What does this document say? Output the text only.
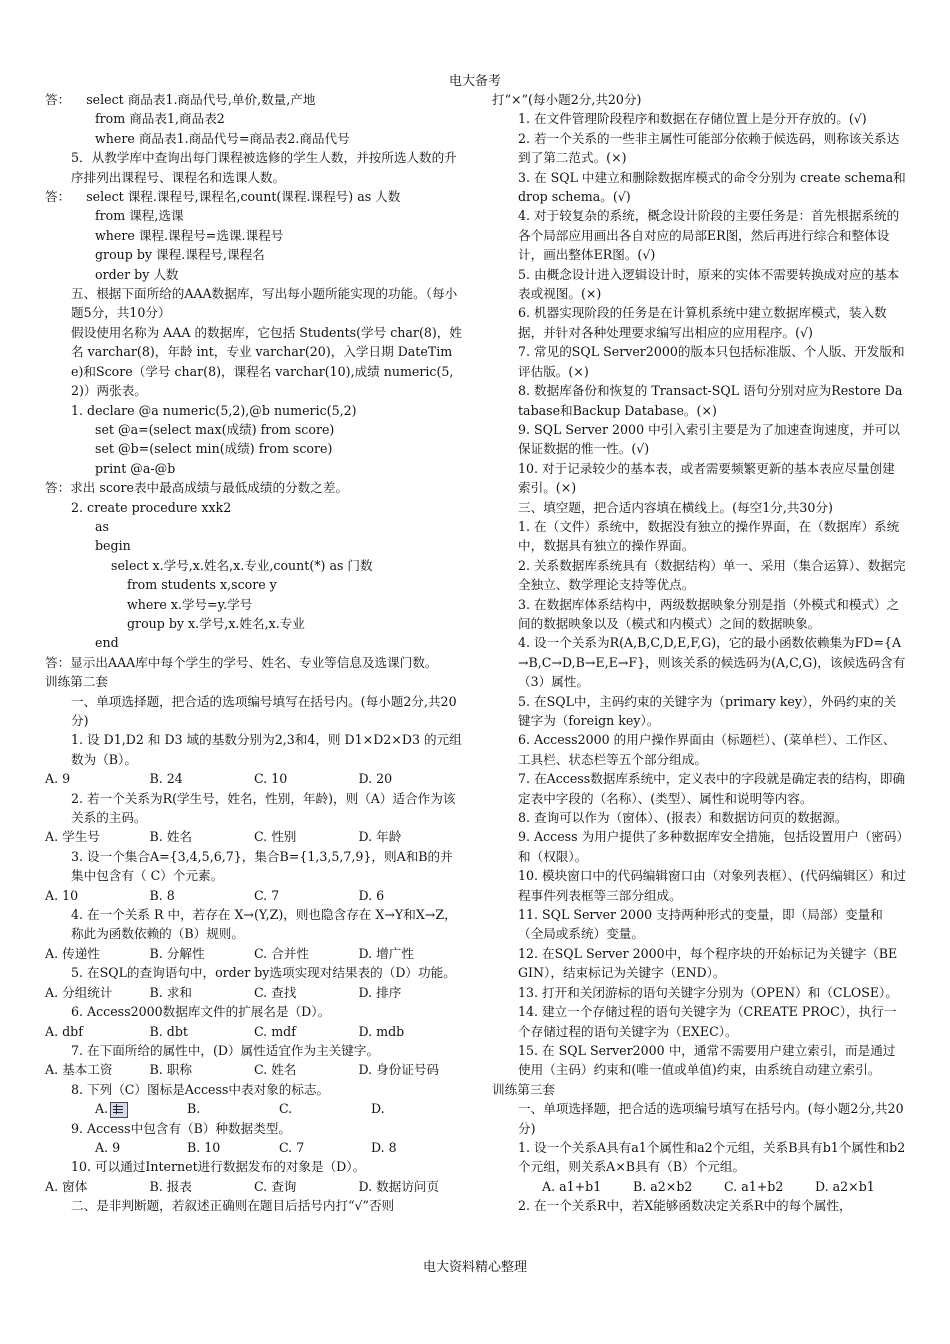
电大备考
答：    select 商品表1.商品代号,单价,数量,产地
from 商品表1,商品表2
where 商品表1.商品代号=商品表2.商品代号
5．从教学库中查询出每门课程被选修的学生人数，并按所选人数的升序排列出课程号、课程名和选课人数。
答：    select 课程.课程号,课程名,count(课程.课程号) as 人数
from 课程,选课
where 课程.课程号=选课.课程号
group by 课程.课程号,课程名
order by 人数
五、根据下面所给的AAA数据库，写出每小题所能实现的功能。（每小题5分，共10分）
假设使用名称为 AAA 的数据库，它包括 Students(学号 char(8)，姓名 varchar(8)，年龄 int，专业 varchar(20)，入学日期 DateTime)和Score（学号 char(8)，课程名 varchar(10),成绩 numeric(5,2)）两张表。
1. declare @a numeric(5,2),@b numeric(5,2)
set @a=(select max(成绩) from score)
set @b=(select min(成绩) from score)
print @a-@b
答：求出 score表中最高成绩与最低成绩的分数之差。
2. create procedure xxk2
as
begin
select x.学号,x.姓名,x.专业,count(*) as 门数
from students x,score y
where x.学号=y.学号
group by x.学号,x.姓名,x.专业
end
答：显示出AAA库中每个学生的学号、姓名、专业等信息及选课门数。
训练第二套
一、单项选择题，把合适的选项编号填写在括号内。(每小题2分,共20分)
1. 设 D1,D2 和 D3 域的基数分别为2,3和4，则 D1×D2×D3 的元组数为（B）。
A. 9	B. 24	C. 10	D. 20
2. 若一个关系为R(学生号，姓名，性别，年龄)，则（A）适合作为该关系的主码。
A. 学生号	B. 姓名	C. 性别	D. 年龄
3. 设一个集合A={3,4,5,6,7}，集合B={1,3,5,7,9}，则A和B的并集中包含有（ C）个元素。
A. 10	B. 8	C. 7	D. 6
4. 在一个关系 R 中，若存在 X→(Y,Z)，则也隐含存在 X→Y和X→Z，称此为函数依赖的（B）规则。
A. 传递性	B. 分解性	C. 合并性	D. 增广性
5. 在SQL的查询语句中，order by选项实现对结果表的（D）功能。
A. 分组统计	B. 求和	C. 查找	D. 排序
6. Access2000数据库文件的扩展名是（D）。
A. dbf	B. dbt	C. mdf	D. mdb
7. 在下面所给的属性中，(D）属性适宜作为主关键字。
A. 基本工资	B. 职称	C. 姓名	D. 身份证号码
8. 下列（C）图标是Access中表对象的标志。
A.	B.	C.	D.
9. Access中包含有（B）种数据类型。
A. 9	B. 10	C. 7	D. 8
10. 可以通过Internet进行数据发布的对象是（D）。
A. 窗体	B. 报表	C. 查询	D. 数据访问页
二、是非判断题，若叙述正确则在题目后括号内打“√”否则
打“×”(每小题2分,共20分)
1. 在文件管理阶段程序和数据在存储位置上是分开存放的。(√)
2. 若一个关系的一些非主属性可能部分依赖于候选码，则称该关系达到了第二范式。(×)
3. 在 SQL 中建立和删除数据库模式的命令分别为 create schema和drop schema。(√)
4. 对于较复杂的系统，概念设计阶段的主要任务是：首先根据系统的各个局部应用画出各自对应的局部ER图，然后再进行综合和整体设计，画出整体ER图。(√)
5. 由概念设计进入逻辑设计时，原来的实体不需要转换成对应的基本表或视图。(×)
6. 机器实现阶段的任务是在计算机系统中建立数据库模式，装入数据，并针对各种处理要求编写出相应的应用程序。(√)
7. 常见的SQL Server2000的版本只包括标准版、个人版、开发版和评估版。(×)
8. 数据库备份和恢复的 Transact-SQL 语句分别对应为Restore Database和Backup Database。(×)
9. SQL Server 2000 中引入索引主要是为了加速查询速度，并可以保证数据的惟一性。(√)
10. 对于记录较少的基本表，或者需要频繁更新的基本表应尽量创建索引。(×)
三、填空题，把合适内容填在横线上。(每空1分,共30分)
1. 在（文件）系统中，数据没有独立的操作界面，在（数据库）系统中，数据具有独立的操作界面。
2. 关系数据库系统具有（数据结构）单一、采用（集合运算）、数据完全独立、数学理论支持等优点。
3. 在数据库体系结构中，两级数据映象分别是指（外模式和模式）之间的数据映象以及（模式和内模式）之间的数据映象。
4. 设一个关系为R(A,B,C,D,E,F,G)，它的最小函数依赖集为FD={A→B,C→D,B→E,E→F}，则该关系的候选码为(A,C,G)，该候选码含有（3）属性。
5. 在SQL中，主码约束的关键字为（primary key），外码约束的关键字为（foreign key）。
6. Access2000 的用户操作界面由（标题栏）、(菜单栏）、工作区、工具栏、状态栏等五个部分组成。
7. 在Access数据库系统中，定义表中的字段就是确定表的结构，即确定表中字段的（名称）、(类型）、属性和说明等内容。
8. 查询可以作为（窗体）、(报表）和数据访问页的数据源。
9. Access 为用户提供了多种数据库安全措施，包括设置用户（密码）和（权限）。
10. 模块窗口中的代码编辑窗口由（对象列表框）、(代码编辑区）和过程事件列表框等三部分组成。
11. SQL Server 2000 支持两种形式的变量，即（局部）变量和（全局或系统）变量。
12. 在SQL Server 2000中，每个程序块的开始标记为关键字（BEGIN），结束标记为关键字（END）。
13. 打开和关闭游标的语句关键字分别为（OPEN）和（CLOSE）。
14. 建立一个存储过程的语句关键字为（CREATE PROC），执行一个存储过程的语句关键字为（EXEC）。
15. 在 SQL Server2000 中，通常不需要用户建立索引，而是通过使用（主码）约束和(唯一值或单值)约束，由系统自动建立索引。
训练第三套
一、单项选择题，把合适的选项编号填写在括号内。(每小题2分,共20分)
1. 设一个关系A具有a1个属性和a2个元组，关系B具有b1个属性和b2个元组，则关系A×B具有（B）个元组。
A. a1+b1	B. a2×b2	C. a1+b2	D. a2×b1
2. 在一个关系R中，若X能够函数决定关系R中的每个属性，
电大资料精心整理
